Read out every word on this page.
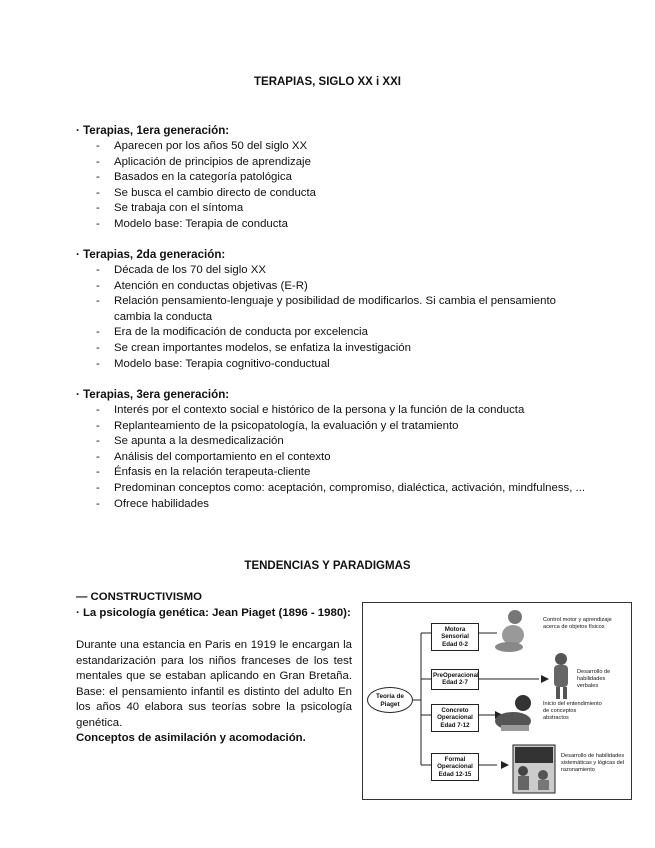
TERAPIAS, SIGLO XX i XXI
· Terapias, 1era generación:
- Aparecen por los años 50 del siglo XX
- Aplicación de principios de aprendizaje
- Basados en la categoría patológica
- Se busca el cambio directo de conducta
- Se trabaja con el síntoma
- Modelo base: Terapia de conducta
· Terapias, 2da generación:
- Década de los 70 del siglo XX
- Atención en conductas objetivas (E-R)
- Relación pensamiento-lenguaje y posibilidad de modificarlos. Si cambia el pensamiento cambia la conducta
- Era de la modificación de conducta por excelencia
- Se crean importantes modelos, se enfatiza la investigación
- Modelo base: Terapia cognitivo-conductual
· Terapias, 3era generación:
- Interés por el contexto social e histórico de la persona y la función de la conducta
- Replanteamiento de la psicopatología, la evaluación y el tratamiento
- Se apunta a la desmedicalización
- Análisis del comportamiento en el contexto
- Énfasis en la relación terapeuta-cliente
- Predominan conceptos como: aceptación, compromiso, dialéctica, activación, mindfulness, ...
- Ofrece habilidades
TENDENCIAS Y PARADIGMAS
— CONSTRUCTIVISMO
· La psicología genética: Jean Piaget (1896 - 1980):
Durante una estancia en Paris en 1919 le encargan la estandarización para los niños franceses de los test mentales que se estaban aplicando en Gran Bretaña. Base: el pensamiento infantil es distinto del adulto En los años 40 elabora sus teorías sobre la psicología genética.
Conceptos de asimilación y acomodación.
Teoría de Piaget
Motora Sensorial Edad 0-2
PreOperacional Edad 2-7
Concreto Operacional Edad 7-12
Formal Operacional Edad 12-15
Control motor y aprendizaje acerca de objetos físicos
Desarrollo de habilidades verbales
Inicio del entendimiento de conceptos abstractos
Desarrollo de habilidades sistemáticas y lógicas del razonamiento
